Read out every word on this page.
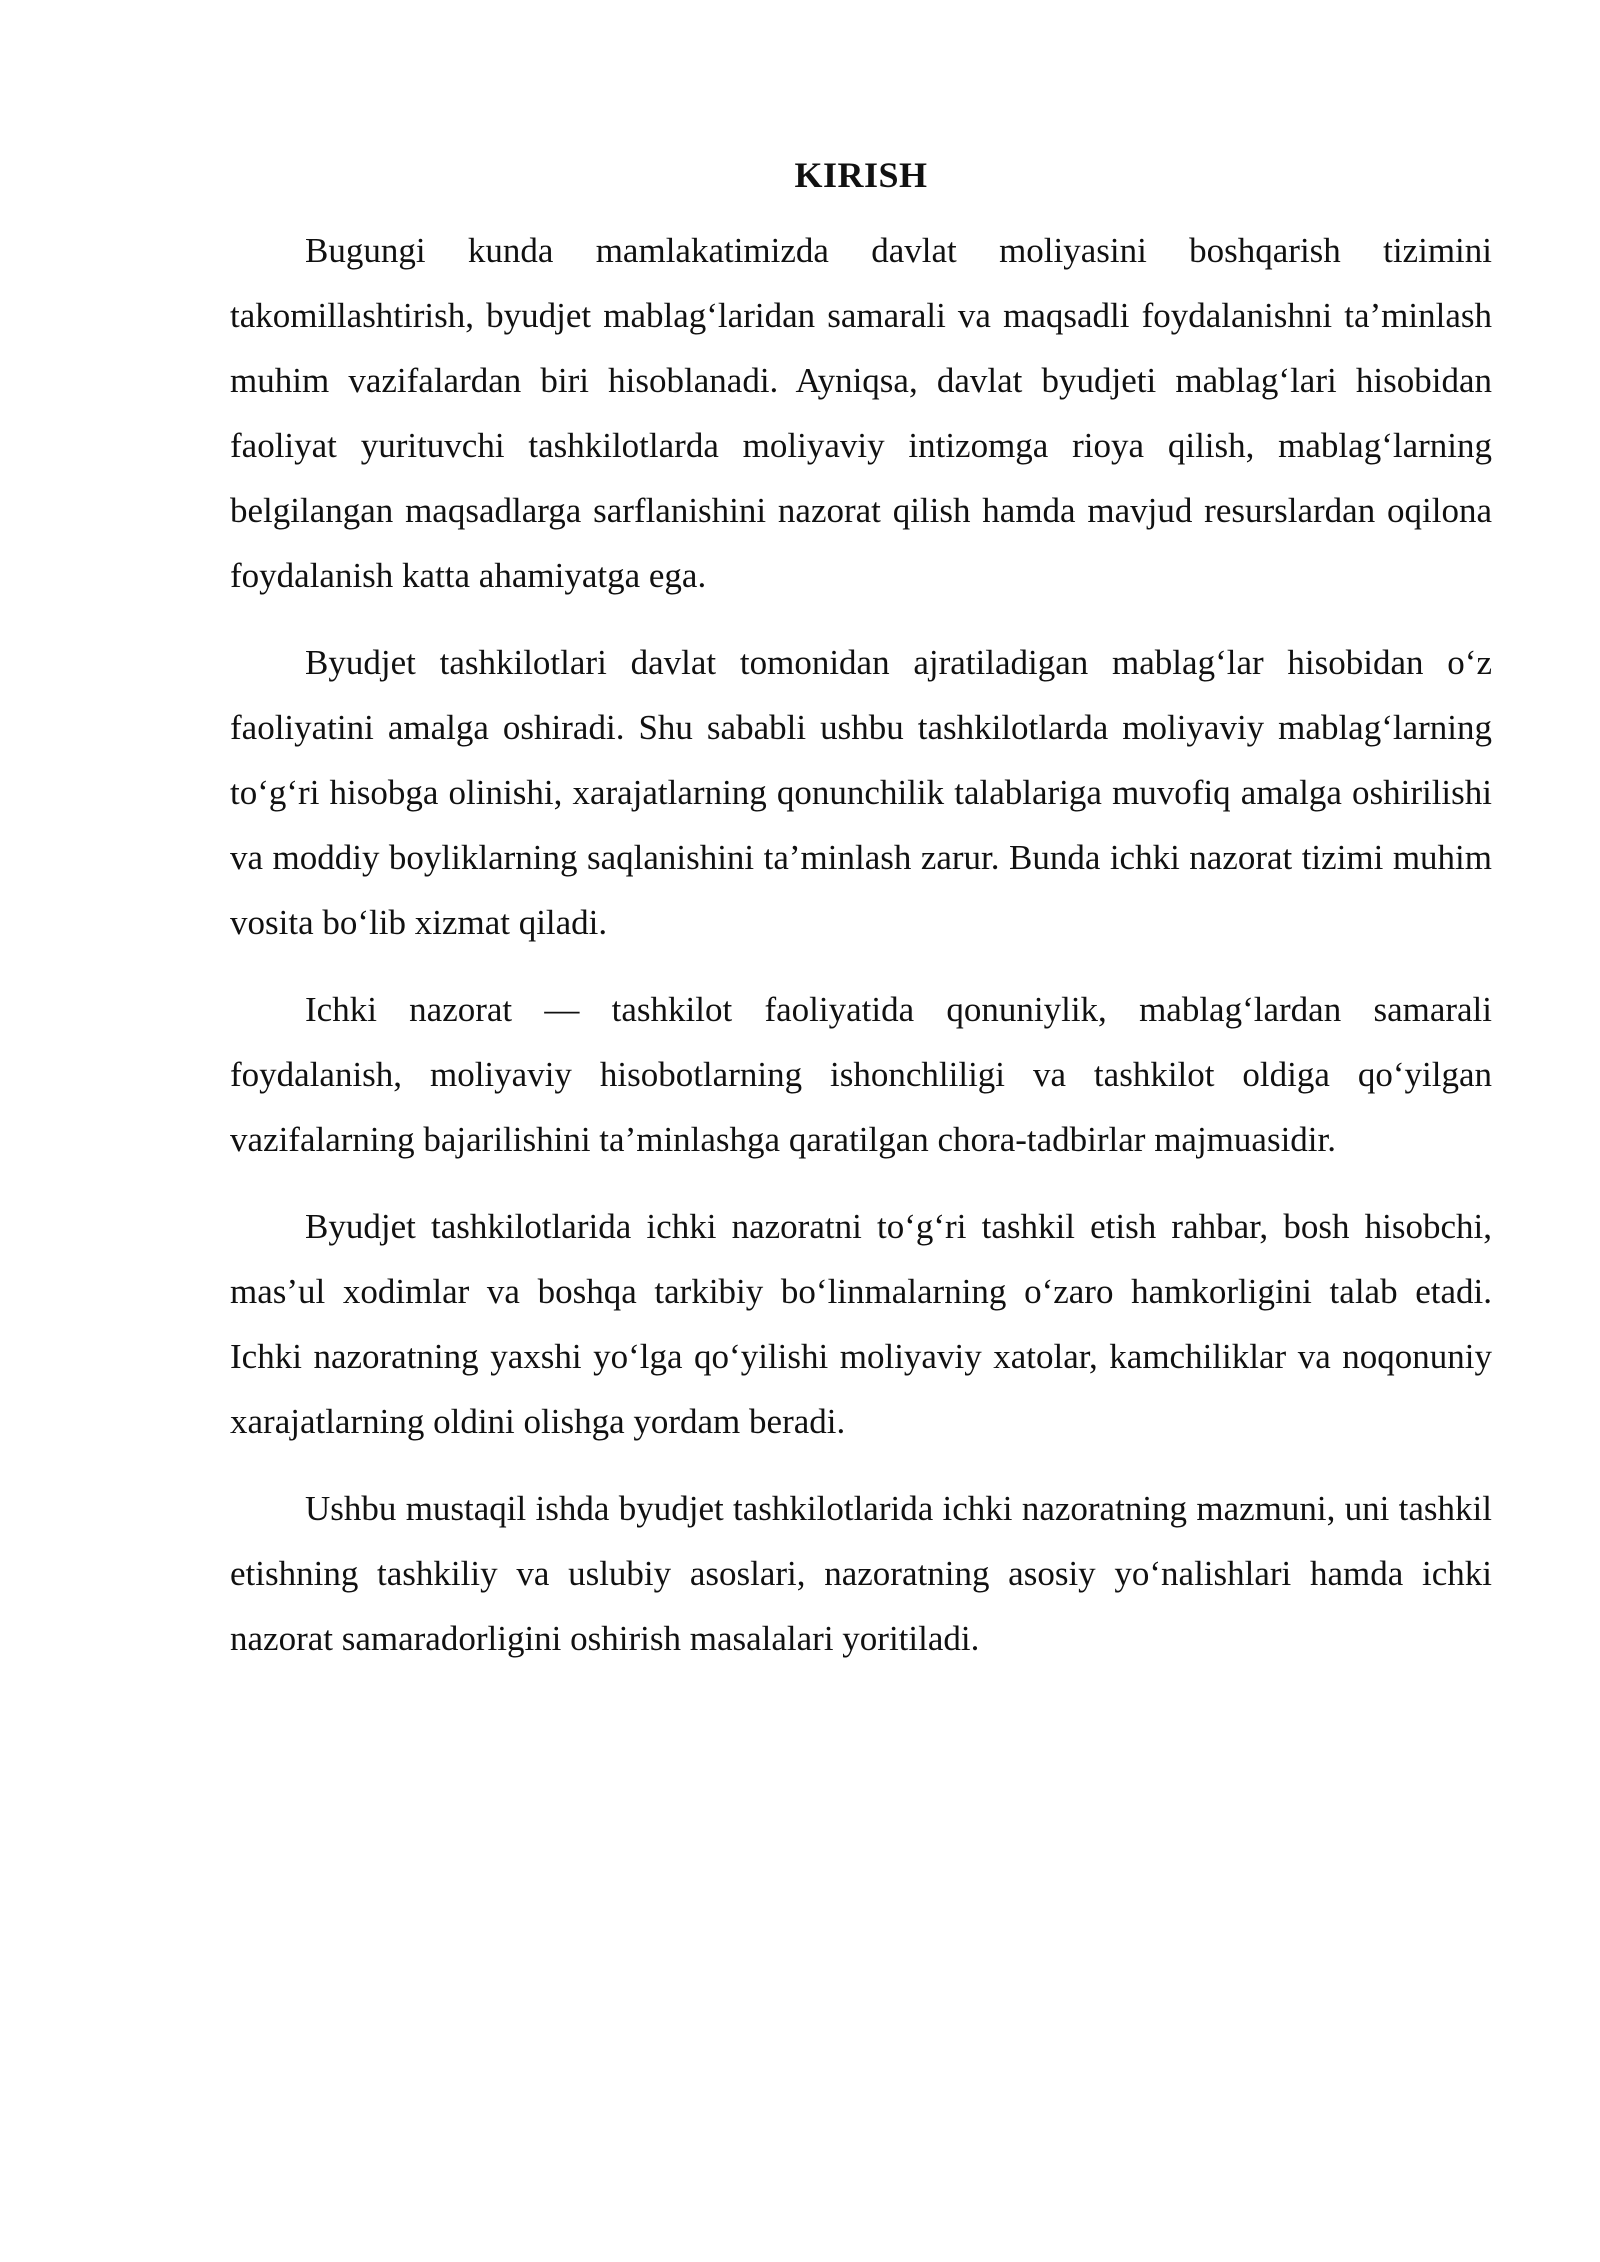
KIRISH

Bugungi kunda mamlakatimizda davlat moliyasini boshqarish tizimini takomillashtirish, byudjet mablag‘laridan samarali va maqsadli foydalanishni ta’minlash muhim vazifalardan biri hisoblanadi. Ayniqsa, davlat byudjeti mablag‘lari hisobidan faoliyat yurituvchi tashkilotlarda moliyaviy intizomga rioya qilish, mablag‘larning belgilangan maqsadlarga sarflanishini nazorat qilish hamda mavjud resurslardan oqilona foydalanish katta ahamiyatga ega.

Byudjet tashkilotlari davlat tomonidan ajratiladigan mablag‘lar hisobidan o‘z faoliyatini amalga oshiradi. Shu sababli ushbu tashkilotlarda moliyaviy mablag‘larning to‘g‘ri hisobga olinishi, xarajatlarning qonunchilik talablariga muvofiq amalga oshirilishi va moddiy boyliklarning saqlanishini ta’minlash zarur. Bunda ichki nazorat tizimi muhim vosita bo‘lib xizmat qiladi.

Ichki nazorat — tashkilot faoliyatida qonuniylik, mablag‘lardan samarali foydalanish, moliyaviy hisobotlarning ishonchliligi va tashkilot oldiga qo‘yilgan vazifalarning bajarilishini ta’minlashga qaratilgan chora-tadbirlar majmuasidir.

Byudjet tashkilotlarida ichki nazoratni to‘g‘ri tashkil etish rahbar, bosh hisobchi, mas’ul xodimlar va boshqa tarkibiy bo‘linmalarning o‘zaro hamkorligini talab etadi. Ichki nazoratning yaxshi yo‘lga qo‘yilishi moliyaviy xatolar, kamchiliklar va noqonuniy xarajatlarning oldini olishga yordam beradi.

Ushbu mustaqil ishda byudjet tashkilotlarida ichki nazoratning mazmuni, uni tashkil etishning tashkiliy va uslubiy asoslari, nazoratning asosiy yo‘nalishlari hamda ichki nazorat samaradorligini oshirish masalalari yoritiladi.
